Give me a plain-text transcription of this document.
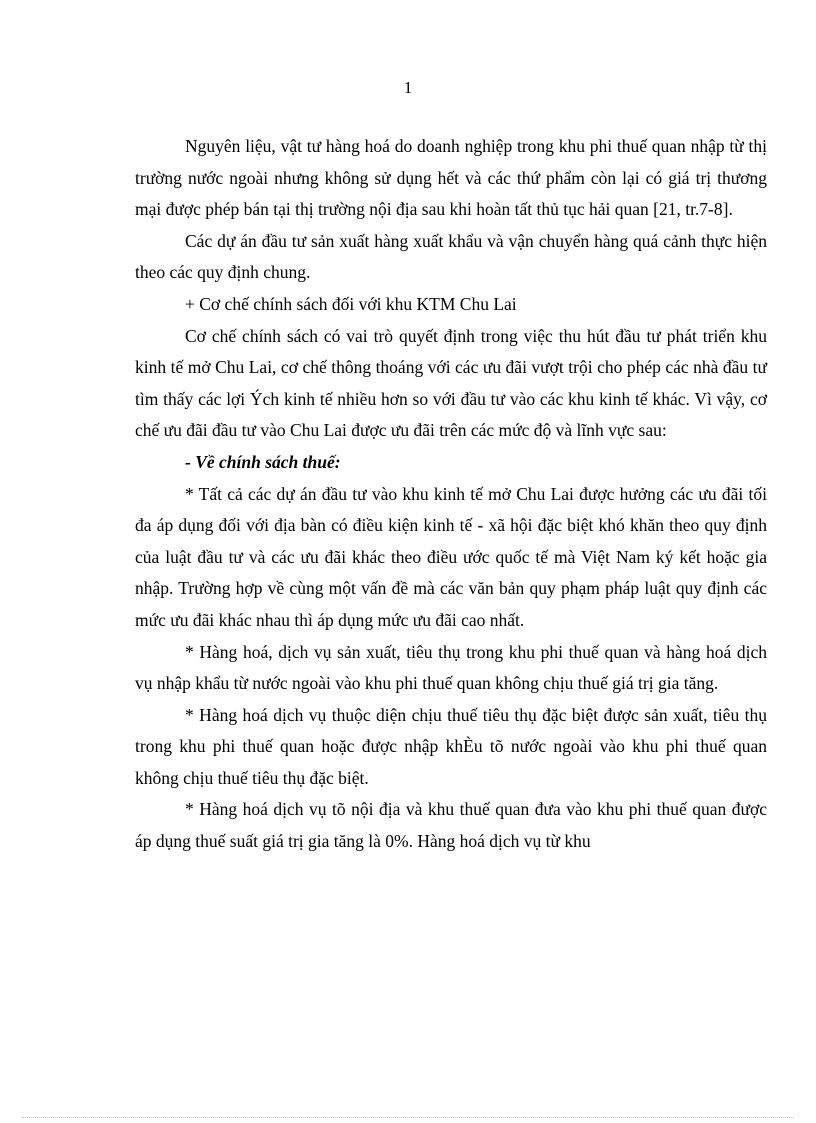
1

Nguyên liệu, vật tư hàng hoá do doanh nghiệp trong khu phi thuế quan nhập từ thị trường nước ngoài nhưng không sử dụng hết và các thứ phẩm còn lại có giá trị thương mại được phép bán tại thị trường nội địa sau khi hoàn tất thủ tục hải quan [21, tr.7-8].

Các dự án đầu tư sản xuất hàng xuất khẩu và vận chuyển hàng quá cảnh thực hiện theo các quy định chung.

+ Cơ chế chính sách đối với khu KTM Chu Lai

Cơ chế chính sách có vai trò quyết định trong việc thu hút đầu tư phát triển khu kinh tế mở Chu Lai, cơ chế thông thoáng với các ưu đãi vượt trội cho phép các nhà đầu tư tìm thấy các lợi Ých kinh tế nhiều hơn so với đầu tư vào các khu kinh tế khác. Vì vậy, cơ chế ưu đãi đầu tư vào Chu Lai được ưu đãi trên các mức độ và lĩnh vực sau:

- Về chính sách thuế:

* Tất cả các dự án đầu tư vào khu kinh tế mở Chu Lai được hưởng các ưu đãi tối đa áp dụng đối với địa bàn có điều kiện kinh tế - xã hội đặc biệt khó khăn theo quy định của luật đầu tư và các ưu đãi khác theo điều ước quốc tế mà Việt Nam ký kết hoặc gia nhập. Trường hợp về cùng một vấn đề mà các văn bản quy phạm pháp luật quy định các mức ưu đãi khác nhau thì áp dụng mức ưu đãi cao nhất.

* Hàng hoá, dịch vụ sản xuất, tiêu thụ trong khu phi thuế quan và hàng hoá dịch vụ nhập khẩu từ nước ngoài vào khu phi thuế quan không chịu thuế giá trị gia tăng.

* Hàng hoá dịch vụ thuộc diện chịu thuế tiêu thụ đặc biệt được sản xuất, tiêu thụ trong khu phi thuế quan hoặc được nhập khÈu tõ nước ngoài vào khu phi thuế quan không chịu thuế tiêu thụ đặc biệt.

* Hàng hoá dịch vụ tõ nội địa và khu thuế quan đưa vào khu phi thuế quan được áp dụng thuế suất giá trị gia tăng là 0%. Hàng hoá dịch vụ từ khu
